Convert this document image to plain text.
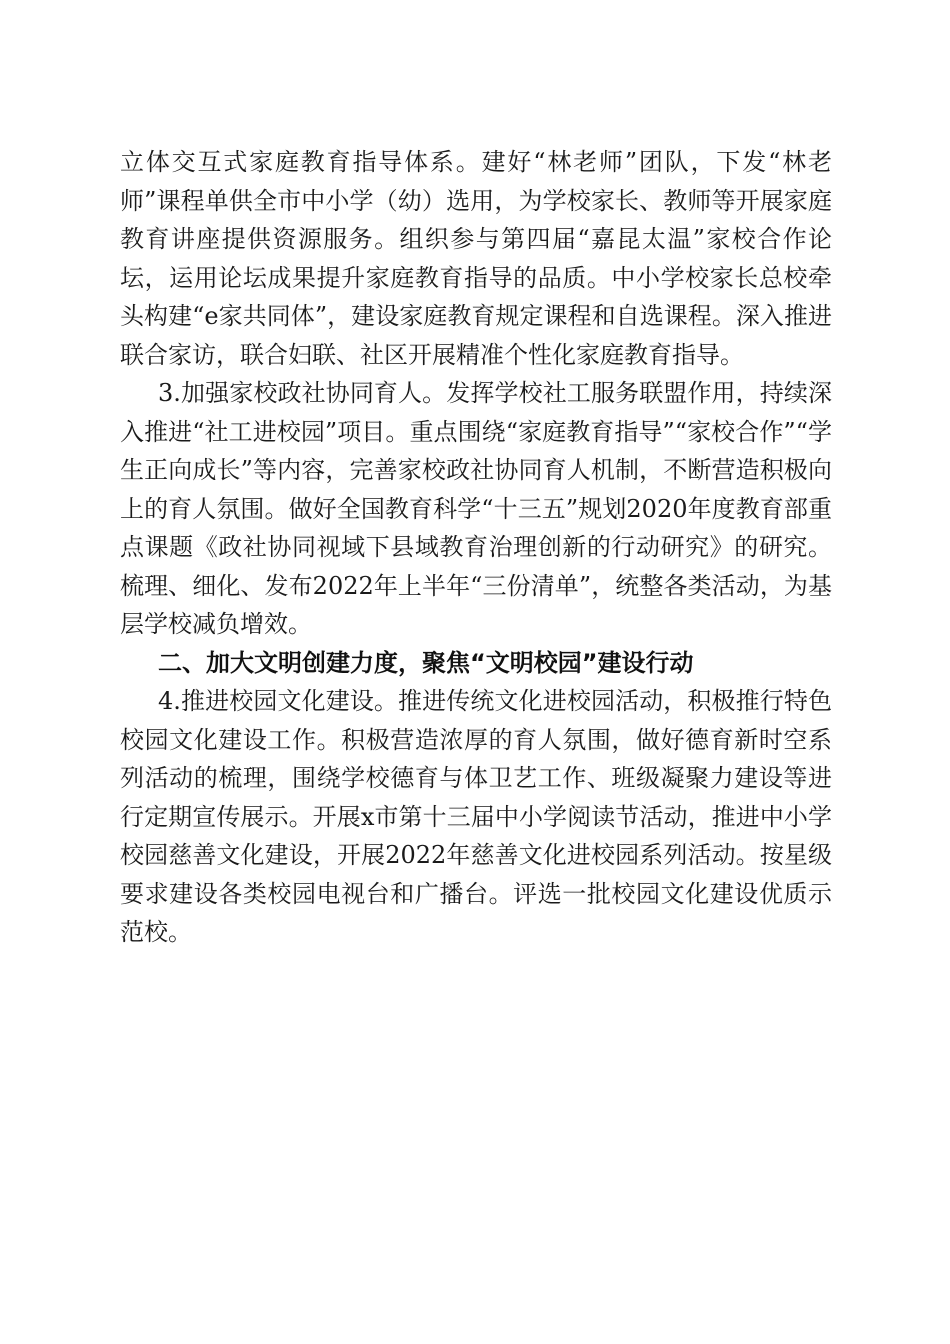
立体交互式家庭教育指导体系。建好“林老师”团队，下发“林老师”课程单供全市中小学（幼）选用，为学校家长、教师等开展家庭教育讲座提供资源服务。组织参与第四届“嘉昆太温”家校合作论坛，运用论坛成果提升家庭教育指导的品质。中小学校家长总校牵头构建“e家共同体”，建设家庭教育规定课程和自选课程。深入推进联合家访，联合妇联、社区开展精准个性化家庭教育指导。

3.加强家校政社协同育人。发挥学校社工服务联盟作用，持续深入推进“社工进校园”项目。重点围绕“家庭教育指导”“家校合作”“学生正向成长”等内容，完善家校政社协同育人机制，不断营造积极向上的育人氛围。做好全国教育科学“十三五”规划2020年度教育部重点课题《政社协同视域下县域教育治理创新的行动研究》的研究。梳理、细化、发布2022年上半年“三份清单”，统整各类活动，为基层学校减负增效。

二、加大文明创建力度，聚焦“文明校园”建设行动

4.推进校园文化建设。推进传统文化进校园活动，积极推行特色校园文化建设工作。积极营造浓厚的育人氛围，做好德育新时空系列活动的梳理，围绕学校德育与体卫艺工作、班级凝聚力建设等进行定期宣传展示。开展x市第十三届中小学阅读节活动，推进中小学校园慈善文化建设，开展2022年慈善文化进校园系列活动。按星级要求建设各类校园电视台和广播台。评选一批校园文化建设优质示范校。
